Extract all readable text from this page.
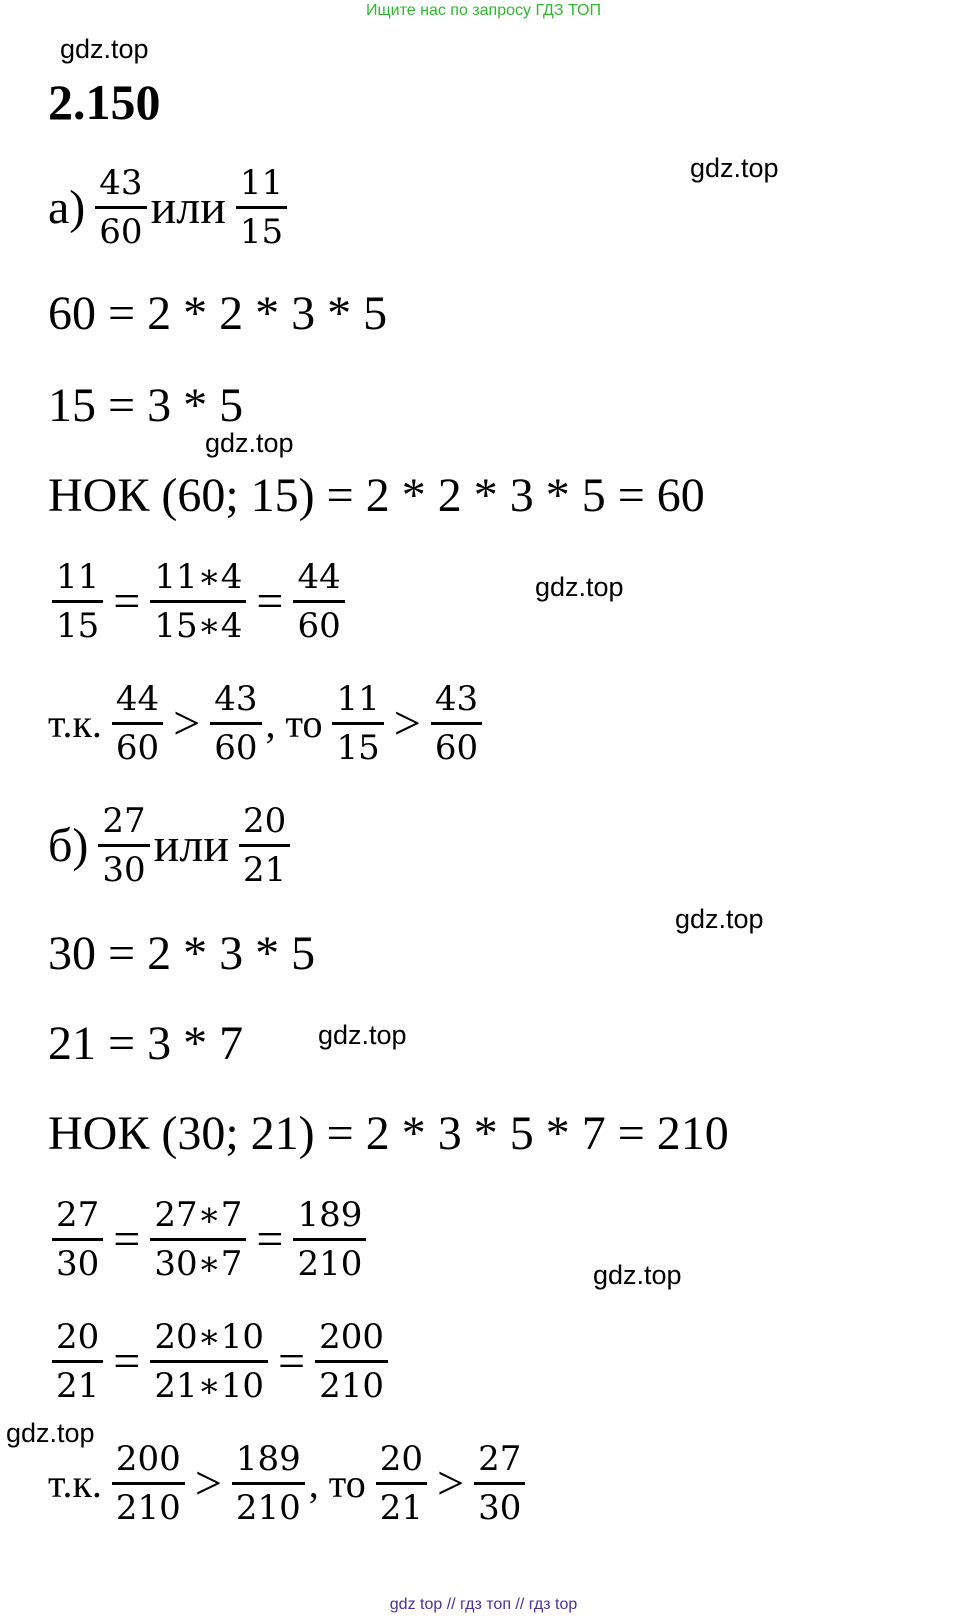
Ищите нас по запросу ГДЗ ТОП
gdz top // гдз топ // гдз top
gdz.top
gdz.top
gdz.top
gdz.top
gdz.top
gdz.top
gdz.top
gdz.top
2.150
$а) \frac{43}{60}$ или $\frac{11}{15}$
60 = 2 * 2 * 3 * 5
15 = 3 * 5
НОК (60; 15) = 2 * 2 * 3 * 5 = 60
$\frac{11}{15} = \frac{11∗4}{15∗4} = \frac{44}{60}$
т.к. $\frac{44}{60} > \frac{43}{60}$ , то $\frac{11}{15} > \frac{43}{60}$
$б) \frac{27}{30}$ или $\frac{20}{21}$
30 = 2 * 3 * 5
21 = 3 * 7
НОК (30; 21) = 2 * 3 * 5 * 7 = 210
$\frac{27}{30} = \frac{27∗7}{30∗7} = \frac{189}{210}$
$\frac{20}{21} = \frac{20∗10}{21∗10} = \frac{200}{210}$
т.к. $\frac{200}{210} > \frac{189}{210}$ , то $\frac{20}{21} > \frac{27}{30}$
